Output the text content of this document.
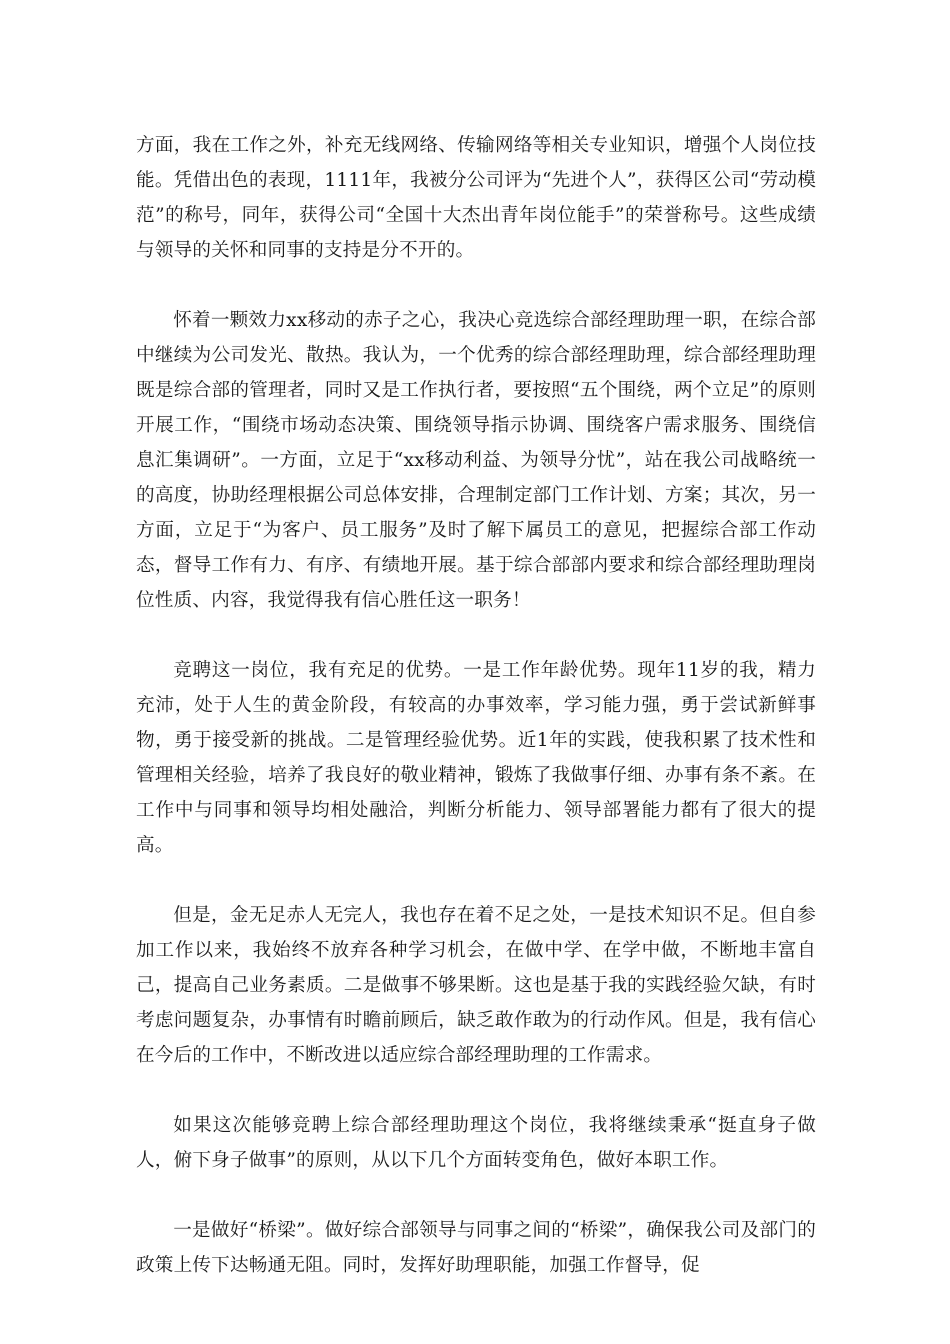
方面，我在工作之外，补充无线网络、传输网络等相关专业知识，增强个人岗位技能。凭借出色的表现，1111年，我被分公司评为“先进个人”，获得区公司“劳动模范”的称号，同年，获得公司“全国十大杰出青年岗位能手”的荣誉称号。这些成绩与领导的关怀和同事的支持是分不开的。

怀着一颗效力xx移动的赤子之心，我决心竞选综合部经理助理一职，在综合部中继续为公司发光、散热。我认为，一个优秀的综合部经理助理，综合部经理助理既是综合部的管理者，同时又是工作执行者，要按照“五个围绕，两个立足”的原则开展工作，“围绕市场动态决策、围绕领导指示协调、围绕客户需求服务、围绕信息汇集调研”。一方面，立足于“xx移动利益、为领导分忧”，站在我公司战略统一的高度，协助经理根据公司总体安排，合理制定部门工作计划、方案；其次，另一方面，立足于“为客户、员工服务”及时了解下属员工的意见，把握综合部工作动态，督导工作有力、有序、有绩地开展。基于综合部部内要求和综合部经理助理岗位性质、内容，我觉得我有信心胜任这一职务！

竞聘这一岗位，我有充足的优势。一是工作年龄优势。现年11岁的我，精力充沛，处于人生的黄金阶段，有较高的办事效率，学习能力强，勇于尝试新鲜事物，勇于接受新的挑战。二是管理经验优势。近1年的实践，使我积累了技术性和管理相关经验，培养了我良好的敬业精神，锻炼了我做事仔细、办事有条不紊。在工作中与同事和领导均相处融洽，判断分析能力、领导部署能力都有了很大的提高。

但是，金无足赤人无完人，我也存在着不足之处，一是技术知识不足。但自参加工作以来，我始终不放弃各种学习机会，在做中学、在学中做，不断地丰富自己，提高自己业务素质。二是做事不够果断。这也是基于我的实践经验欠缺，有时考虑问题复杂，办事情有时瞻前顾后，缺乏敢作敢为的行动作风。但是，我有信心在今后的工作中，不断改进以适应综合部经理助理的工作需求。

如果这次能够竞聘上综合部经理助理这个岗位，我将继续秉承“挺直身子做人，俯下身子做事”的原则，从以下几个方面转变角色，做好本职工作。

一是做好“桥梁”。做好综合部领导与同事之间的“桥梁”，确保我公司及部门的政策上传下达畅通无阻。同时，发挥好助理职能，加强工作督导，促
